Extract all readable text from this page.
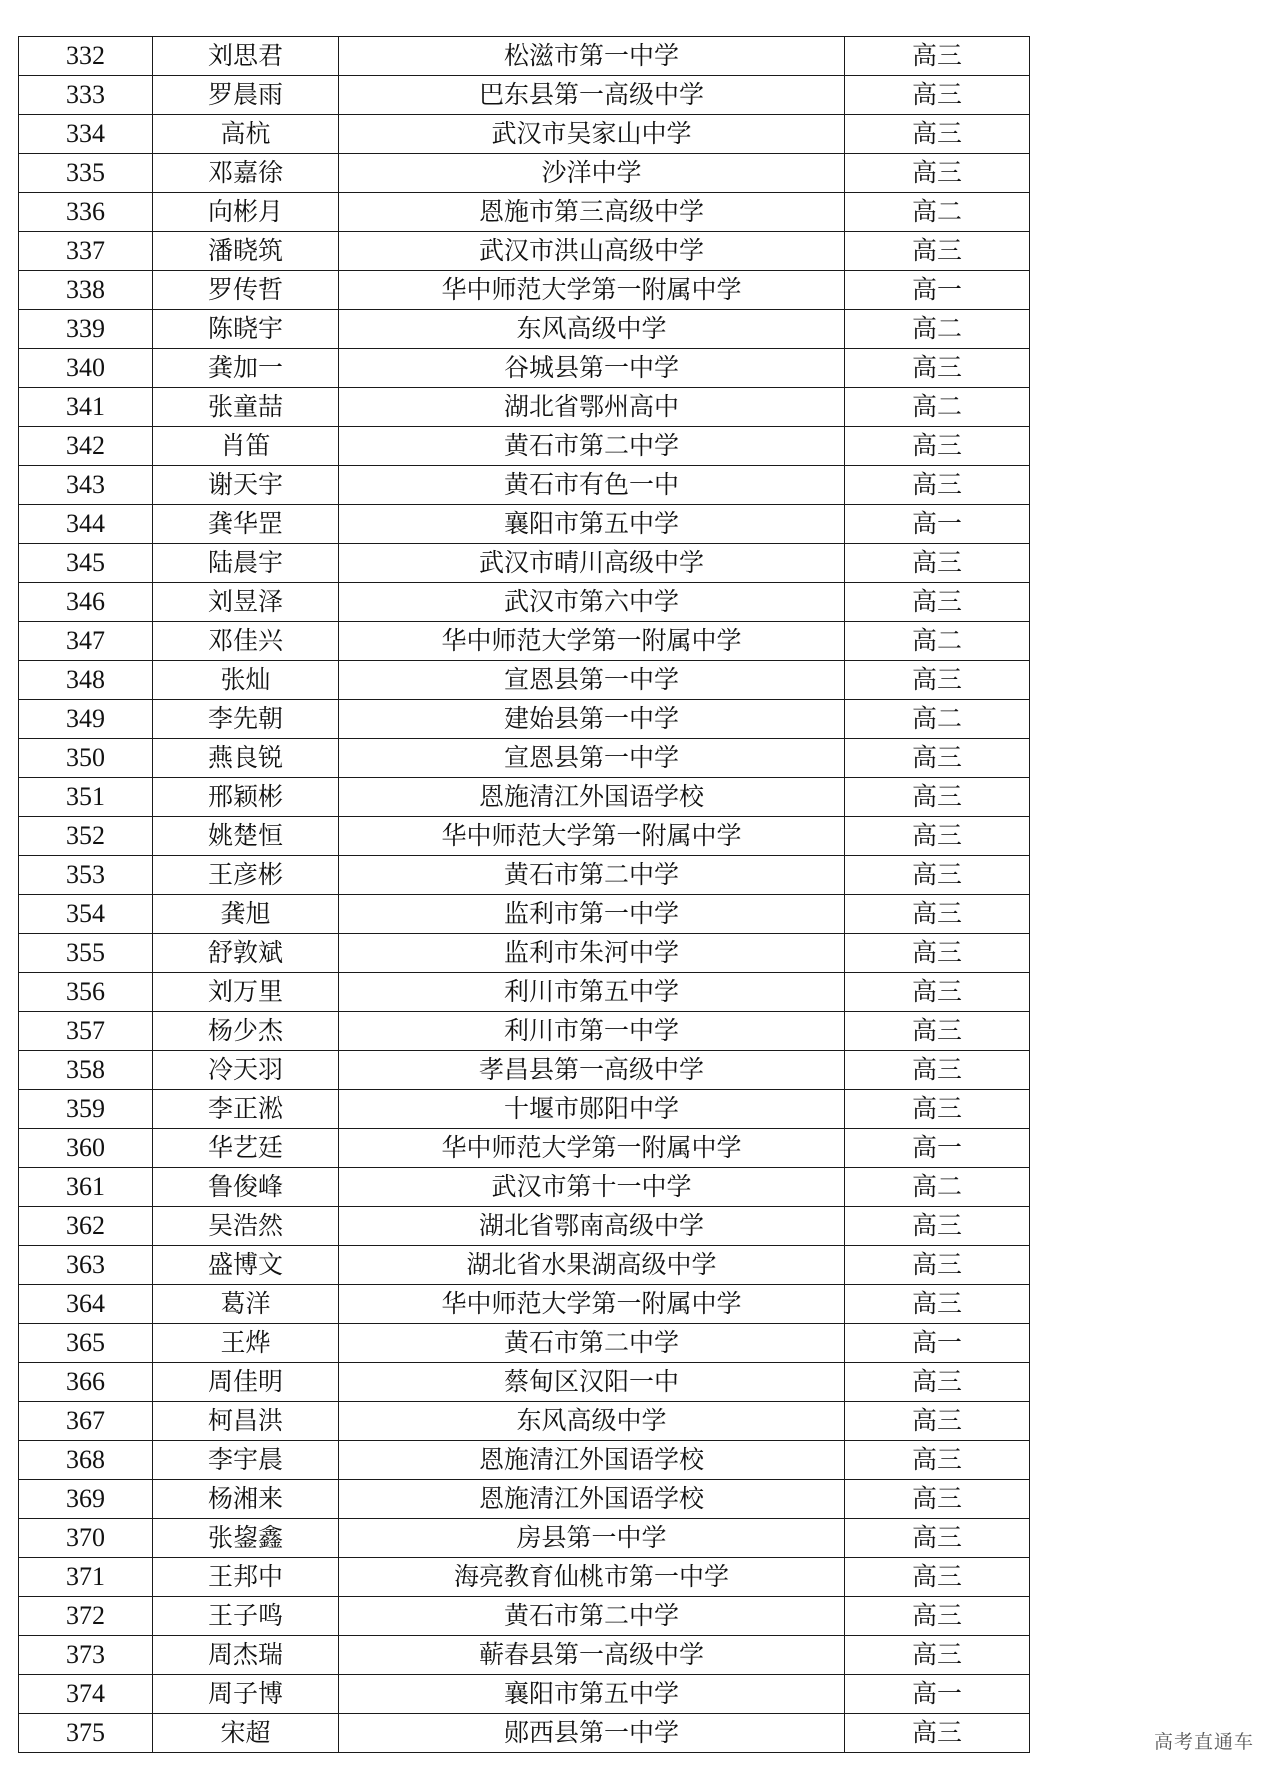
332	刘思君	松滋市第一中学	高三
333	罗晨雨	巴东县第一高级中学	高三
334	高杭	武汉市吴家山中学	高三
335	邓嘉徐	沙洋中学	高三
336	向彬月	恩施市第三高级中学	高二
337	潘晓筑	武汉市洪山高级中学	高三
338	罗传哲	华中师范大学第一附属中学	高一
339	陈晓宇	东风高级中学	高二
340	龚加一	谷城县第一中学	高三
341	张童喆	湖北省鄂州高中	高二
342	肖笛	黄石市第二中学	高三
343	谢天宇	黄石市有色一中	高三
344	龚华罡	襄阳市第五中学	高一
345	陆晨宇	武汉市晴川高级中学	高三
346	刘昱泽	武汉市第六中学	高三
347	邓佳兴	华中师范大学第一附属中学	高二
348	张灿	宣恩县第一中学	高三
349	李先朝	建始县第一中学	高二
350	燕良锐	宣恩县第一中学	高三
351	邢颖彬	恩施清江外国语学校	高三
352	姚楚恒	华中师范大学第一附属中学	高三
353	王彦彬	黄石市第二中学	高三
354	龚旭	监利市第一中学	高三
355	舒敦斌	监利市朱河中学	高三
356	刘万里	利川市第五中学	高三
357	杨少杰	利川市第一中学	高三
358	冷天羽	孝昌县第一高级中学	高三
359	李正淞	十堰市郧阳中学	高三
360	华艺廷	华中师范大学第一附属中学	高一
361	鲁俊峰	武汉市第十一中学	高二
362	吴浩然	湖北省鄂南高级中学	高三
363	盛博文	湖北省水果湖高级中学	高三
364	葛洋	华中师范大学第一附属中学	高三
365	王烨	黄石市第二中学	高一
366	周佳明	蔡甸区汉阳一中	高三
367	柯昌洪	东风高级中学	高三
368	李宇晨	恩施清江外国语学校	高三
369	杨湘来	恩施清江外国语学校	高三
370	张鋆鑫	房县第一中学	高三
371	王邦中	海亮教育仙桃市第一中学	高三
372	王子鸣	黄石市第二中学	高三
373	周杰瑞	蕲春县第一高级中学	高三
374	周子博	襄阳市第五中学	高一
375	宋超	郧西县第一中学	高三	高考直通车
